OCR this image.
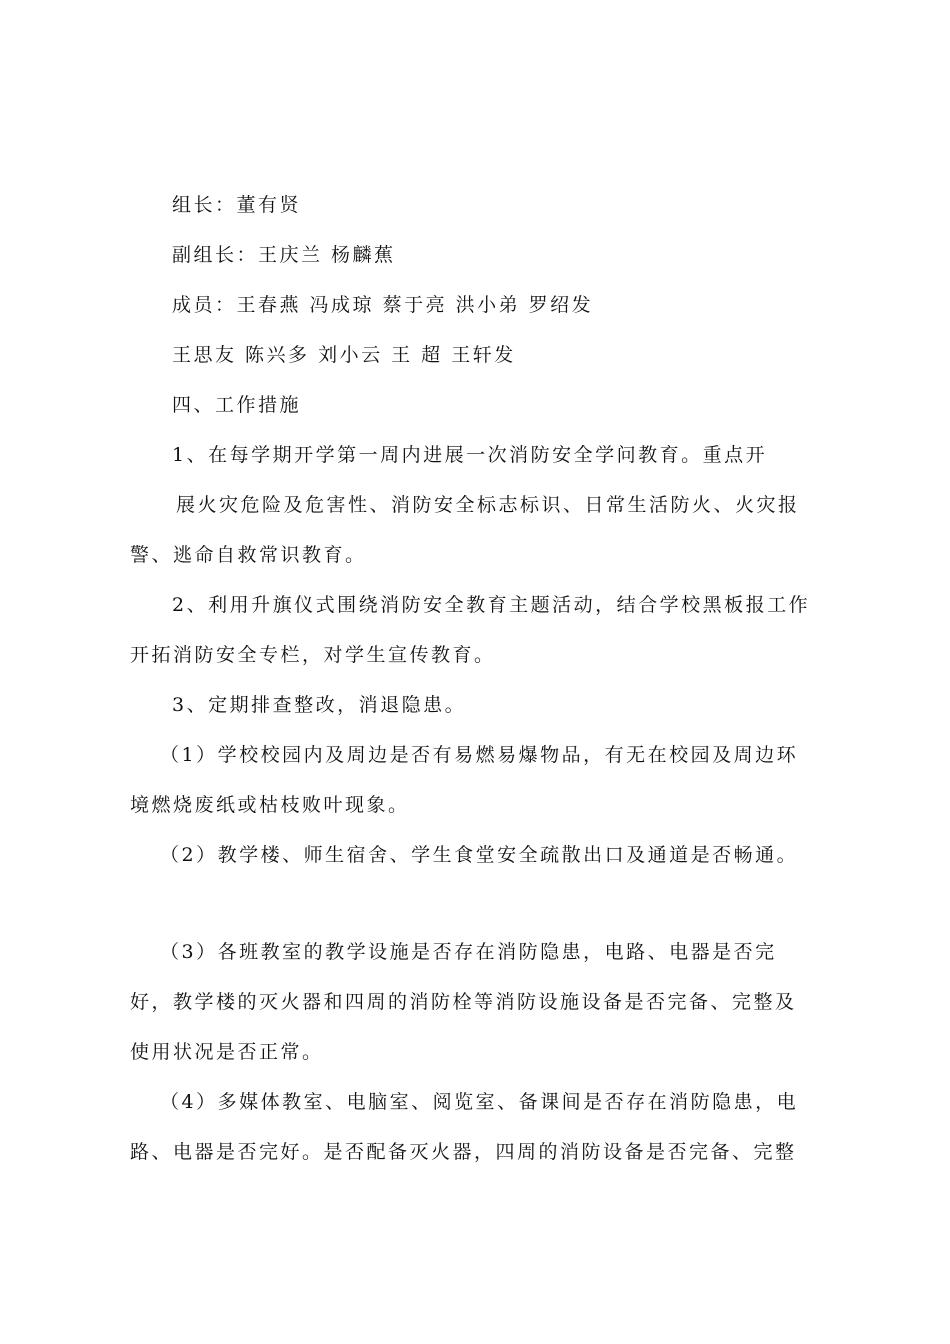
组长：董有贤
副组长：王庆兰 杨麟蕉
成员：王春燕 冯成琼 蔡于亮 洪小弟 罗绍发
王思友 陈兴多 刘小云 王 超 王轩发
四、工作措施
1、在每学期开学第一周内进展一次消防安全学问教育。重点开
展火灾危险及危害性、消防安全标志标识、日常生活防火、火灾报
警、逃命自救常识教育。
2、利用升旗仪式围绕消防安全教育主题活动，结合学校黑板报工作
开拓消防安全专栏，对学生宣传教育。
3、定期排查整改，消退隐患。
（1）学校校园内及周边是否有易燃易爆物品，有无在校园及周边环
境燃烧废纸或枯枝败叶现象。
（2）教学楼、师生宿舍、学生食堂安全疏散出口及通道是否畅通。
（3）各班教室的教学设施是否存在消防隐患，电路、电器是否完
好，教学楼的灭火器和四周的消防栓等消防设施设备是否完备、完整及
使用状况是否正常。
（4）多媒体教室、电脑室、阅览室、备课间是否存在消防隐患，电
路、电器是否完好。是否配备灭火器，四周的消防设备是否完备、完整
